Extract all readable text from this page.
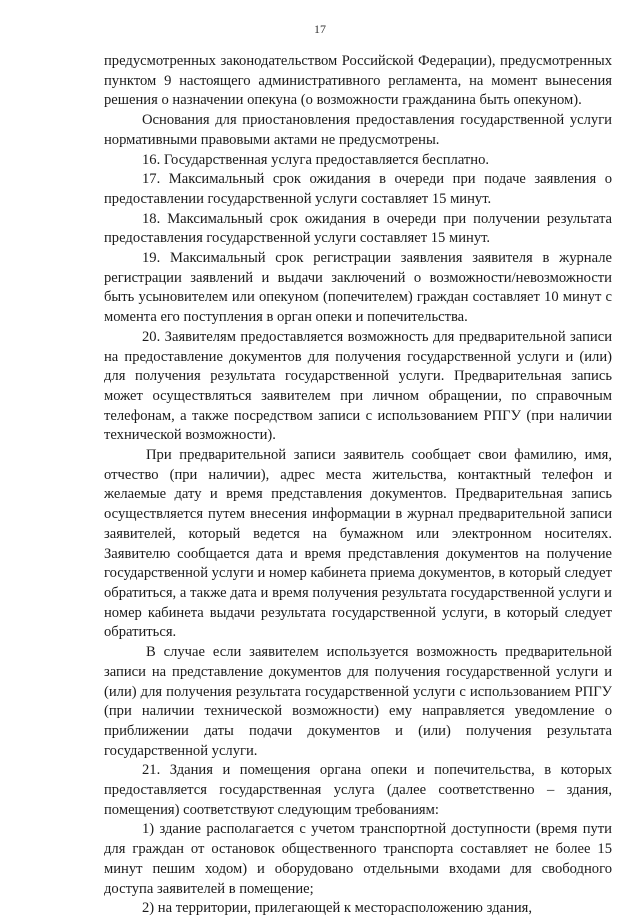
17

предусмотренных законодательством Российской Федерации), предусмотренных пунктом 9 настоящего административного регламента, на момент вынесения решения о назначении опекуна (о возможности гражданина быть опекуном).

Основания для приостановления предоставления государственной услуги нормативными правовыми актами не предусмотрены.

16. Государственная услуга предоставляется бесплатно.

17. Максимальный срок ожидания в очереди при подаче заявления о предоставлении государственной услуги составляет 15 минут.

18. Максимальный срок ожидания в очереди при получении результата предоставления государственной услуги составляет 15 минут.

19. Максимальный срок регистрации заявления заявителя в журнале регистрации заявлений и выдачи заключений о возможности/невозможности быть усыновителем или опекуном (попечителем) граждан составляет 10 минут с момента его поступления в орган опеки и попечительства.

20. Заявителям предоставляется возможность для предварительной записи на предоставление документов для получения государственной услуги и (или) для получения результата государственной услуги. Предварительная запись может осуществляться заявителем при личном обращении, по справочным телефонам, а также посредством записи с использованием РПГУ (при наличии технической возможности).

При предварительной записи заявитель сообщает свои фамилию, имя, отчество (при наличии), адрес места жительства, контактный телефон и желаемые дату и время представления документов. Предварительная запись осуществляется путем внесения информации в журнал предварительной записи заявителей, который ведется на бумажном или электронном носителях. Заявителю сообщается дата и время представления документов на получение государственной услуги и номер кабинета приема документов, в который следует обратиться, а также дата и время получения результата государственной услуги и номер кабинета выдачи результата государственной услуги, в который следует обратиться.

В случае если заявителем используется возможность предварительной записи на представление документов для получения государственной услуги и (или) для получения результата государственной услуги с использованием РПГУ (при наличии технической возможности) ему направляется уведомление о приближении даты подачи документов и (или) получения результата государственной услуги.

21. Здания и помещения органа опеки и попечительства, в которых предоставляется государственная услуга (далее соответственно – здания, помещения) соответствуют следующим требованиям:

1) здание располагается с учетом транспортной доступности (время пути для граждан от остановок общественного транспорта составляет не более 15 минут пешим ходом) и оборудовано отдельными входами для свободного доступа заявителей в помещение;

2) на территории, прилегающей к месторасположению здания,
